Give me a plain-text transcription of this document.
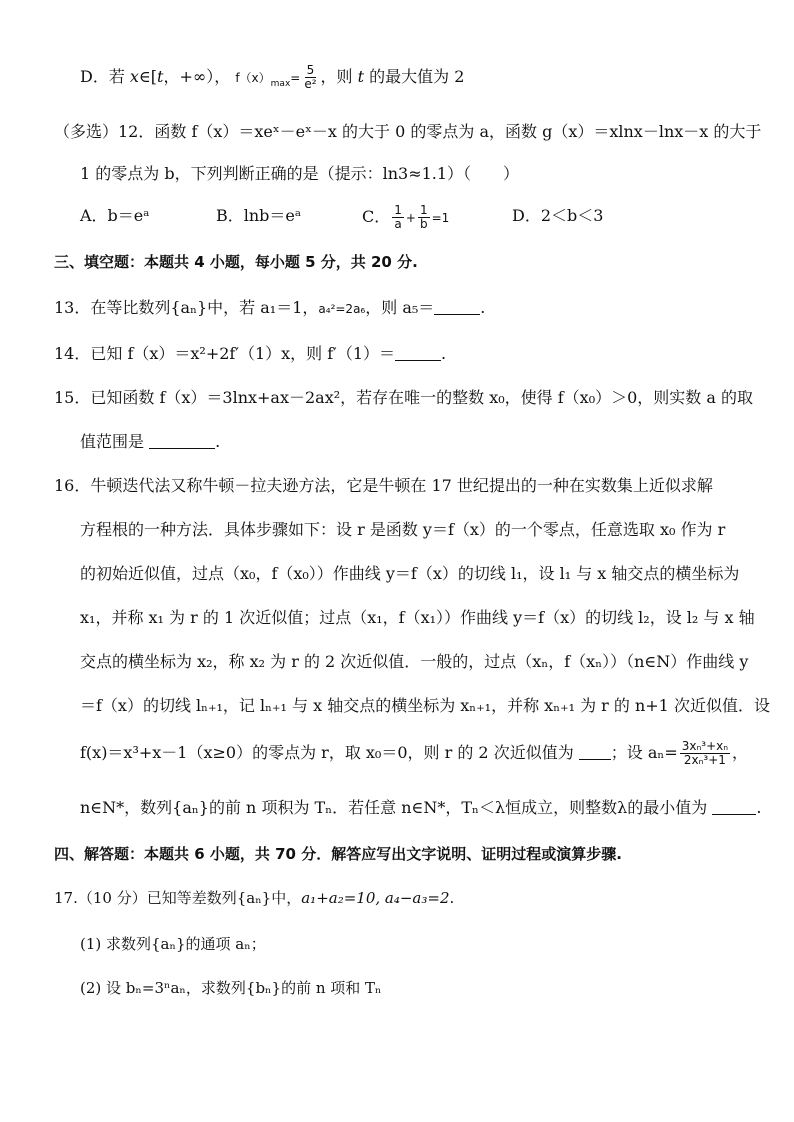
D．若 x∈[t，+∞）， $f(x)_{max}= \frac{5}{\text{e²}}$ ，则 t 的最大值为 2
（多选）12．函数 f（x）＝xeˣ－eˣ－x 的大于 0 的零点为 a，函数 g（x）＝xlnx－lnx－x 的大于
1 的零点为 b，下列判断正确的是（提示：ln3≈1.1）（　　）
A．b＝eᵃ	B．lnb＝eᵃ	C． $\frac{1}{a} + \frac{1}{b} =1$	D．2＜b＜3
三、填空题：本题共 4 小题，每小题 5 分，共 20 分.
13．在等比数列{aₙ}中，若 a₁＝1，a₄²=2a₆，则 a₅＝	.
14．已知 f（x）＝x²+2f′（1）x，则 f′（1）＝	.
15．已知函数 f（x）＝3lnx+ax－2ax²，若存在唯一的整数 x₀，使得 f（x₀）＞0，则实数 a 的取
值范围是	.
16．牛顿迭代法又称牛顿－拉夫逊方法，它是牛顿在 17 世纪提出的一种在实数集上近似求解
方程根的一种方法．具体步骤如下：设 r 是函数 y＝f（x）的一个零点，任意选取 x₀ 作为 r
的初始近似值，过点（x₀，f（x₀））作曲线 y＝f（x）的切线 l₁，设 l₁ 与 x 轴交点的横坐标为
x₁，并称 x₁ 为 r 的 1 次近似值；过点（x₁，f（x₁））作曲线 y＝f（x）的切线 l₂，设 l₂ 与 x 轴
交点的横坐标为 x₂，称 x₂ 为 r 的 2 次近似值．一般的，过点（xₙ，f（xₙ））（n∈N）作曲线 y
＝f（x）的切线 lₙ₊₁，记 lₙ₊₁ 与 x 轴交点的横坐标为 xₙ₊₁，并称 xₙ₊₁ 为 r 的 n+1 次近似值．设
f(x)＝x³+x－1（x≥0）的零点为 r，取 x₀＝0，则 r 的 2 次近似值为 ；设 $a_n= \frac{\text{3xₙ³+xₙ}}{\text{2xₙ³+1}}$ ，
n∈N*，数列{aₙ}的前 n 项积为 Tₙ．若任意 n∈N*，Tₙ＜λ恒成立，则整数λ的最小值为	.
四、解答题：本题共 6 小题，共 70 分．解答应写出文字说明、证明过程或演算步骤.
17.（10 分）已知等差数列{aₙ}中，a₁+a₂=10, a₄−a₃=2.
(1) 求数列{aₙ}的通项 aₙ；
(2) 设 bₙ=3ⁿaₙ，求数列{bₙ}的前 n 项和 Tₙ
